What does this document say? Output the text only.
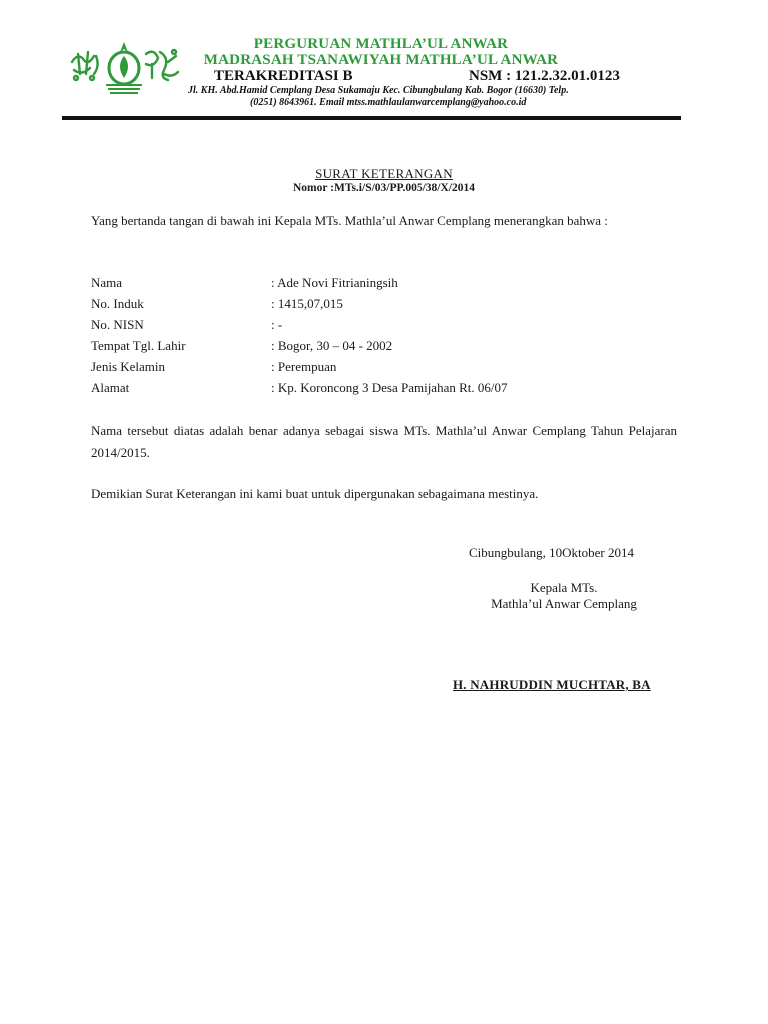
PERGURUAN MATHLA’UL ANWAR
MADRASAH TSANAWIYAH MATHLA’UL ANWAR
TERAKREDITASI B	NSM : 121.2.32.01.0123
Jl. KH. Abd.Hamid Cemplang Desa Sukamaju Kec. Cibungbulang Kab. Bogor (16630) Telp.
(0251) 8643961. Email mtss.mathlaulanwarcemplang@yahoo.co.id
SURAT KETERANGAN
Nomor :MTs.i/S/03/PP.005/38/X/2014
Yang bertanda tangan di bawah ini Kepala MTs. Mathla’ul Anwar Cemplang menerangkan bahwa :
Nama	: Ade Novi Fitrianingsih
No. Induk	: 1415,07,015
No. NISN	: -
Tempat Tgl. Lahir	: Bogor, 30 – 04 - 2002
Jenis Kelamin	: Perempuan
Alamat	: Kp. Koroncong 3 Desa Pamijahan Rt. 06/07
Nama tersebut diatas adalah benar adanya sebagai siswa MTs. Mathla’ul Anwar Cemplang Tahun Pelajaran 2014/2015.
Demikian Surat Keterangan ini kami buat untuk dipergunakan sebagaimana mestinya.
Cibungbulang, 10Oktober 2014
Kepala MTs.
Mathla’ul Anwar Cemplang
H. NAHRUDDIN MUCHTAR, BA
